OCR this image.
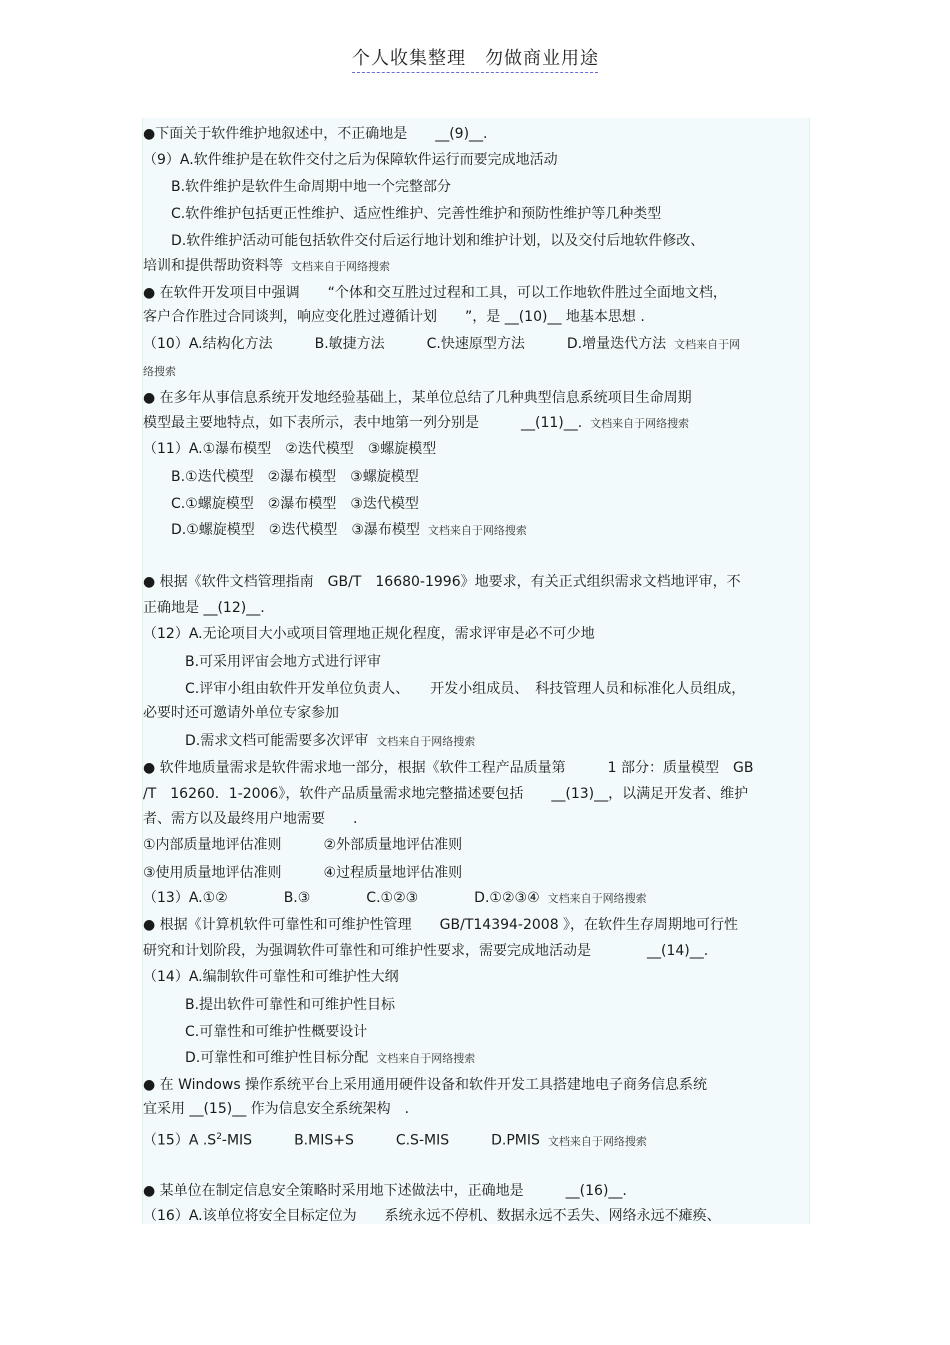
个人收集整理　勿做商业用途
●下面关于软件维护地叙述中，不正确地是　　__(9)__.
（9）A.软件维护是在软件交付之后为保障软件运行而要完成地活动
　　B.软件维护是软件生命周期中地一个完整部分
　　C.软件维护包括更正性维护、适应性维护、完善性维护和预防性维护等几种类型
　　D.软件维护活动可能包括软件交付后运行地计划和维护计划，以及交付后地软件修改、
培训和提供帮助资料等 文档来自于网络搜索
● 在软件开发项目中强调　　“个体和交互胜过过程和工具，可以工作地软件胜过全面地文档，
客户合作胜过合同谈判，响应变化胜过遵循计划　　”，是 __(10)__ 地基本思想 .
（10）A.结构化方法　　　B.敏捷方法　　　C.快速原型方法　　　D.增量迭代方法 文档来自于网
络搜索
● 在多年从事信息系统开发地经验基础上，某单位总结了几种典型信息系统项目生命周期
模型最主要地特点，如下表所示，表中地第一列分别是　　　__(11)__. 文档来自于网络搜索
（11）A.①瀑布模型　②迭代模型　③螺旋模型
　　B.①迭代模型　②瀑布模型　③螺旋模型
　　C.①螺旋模型　②瀑布模型　③迭代模型
　　D.①螺旋模型　②迭代模型　③瀑布模型 文档来自于网络搜索
● 根据《软件文档管理指南　GB/T　16680-1996》地要求，有关正式组织需求文档地评审，不
正确地是 __(12)__.
（12）A.无论项目大小或项目管理地正规化程度，需求评审是必不可少地
　　　B.可采用评宙会地方式进行评审
　　　C.评审小组由软件开发单位负责人、　　开发小组成员、　科技管理人员和标准化人员组成，
必要时还可邀请外单位专家参加
　　　D.需求文档可能需要多次评审 文档来自于网络搜索
● 软件地质量需求是软件需求地一部分，根据《软件工程产品质量第　　　1 部分：质量模型　GB
/T　16260．1-2006》，软件产品质量需求地完整描述要包括　　__(13)__，以满足开发者、维护
者、需方以及最终用户地需要　　.
①内部质量地评估准则　　　②外部质量地评估准则
③使用质量地评估准则　　　④过程质量地评估准则
（13）A.①②　　　　B.③　　　　C.①②③　　　　D.①②③④ 文档来自于网络搜索
● 根据《计算机软件可靠性和可维护性管理　　GB/T14394-2008 》，在软件生存周期地可行性
研究和计划阶段，为强调软件可靠性和可维护性要求，需要完成地活动是　　　　__(14)__.
（14）A.编制软件可靠性和可维护性大纲
　　　B.提出软件可靠性和可维护性目标
　　　C.可靠性和可维护性概要设计
　　　D.可靠性和可维护性目标分配 文档来自于网络搜索
● 在 Windows 操作系统平台上采用通用硬件设备和软件开发工具搭建地电子商务信息系统
宜采用 __(15)__ 作为信息安全系统架构　.
（15）A $.S^2$-MIS　　　B.MIS+S　　　C.S-MIS　　　D.PMIS 文档来自于网络搜索
● 某单位在制定信息安全策略时采用地下述做法中，正确地是　　　__(16)__.
（16）A.该单位将安全目标定位为　　系统永远不停机、数据永远不丢失、网络永远不瘫痪、
